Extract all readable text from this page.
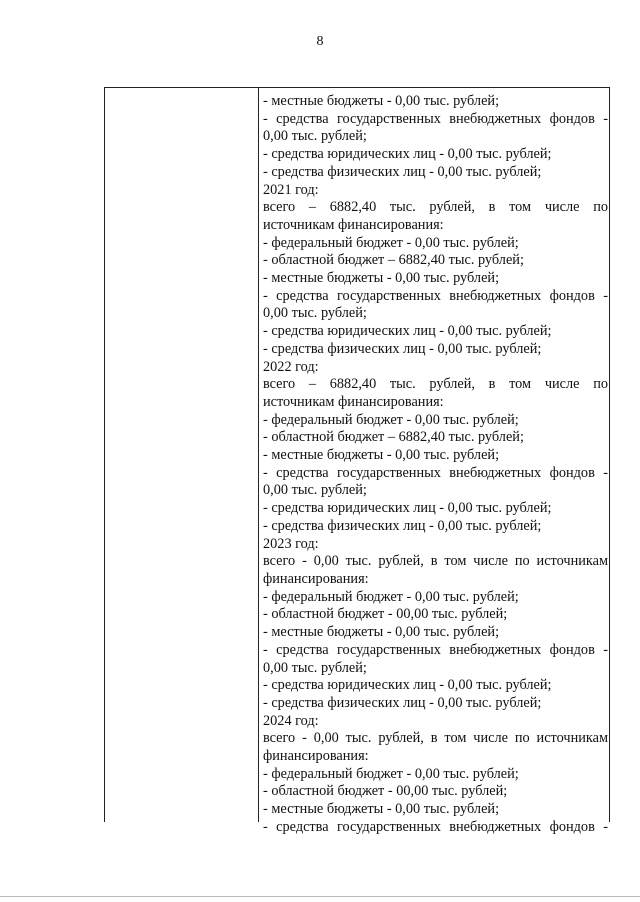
8
- местные бюджеты - 0,00 тыс. рублей;
- средства государственных внебюджетных фондов -
0,00 тыс. рублей;
- средства юридических лиц - 0,00 тыс. рублей;
- средства физических лиц - 0,00 тыс. рублей;
2021 год:
всего – 6882,40 тыс. рублей, в том числе по
источникам финансирования:
- федеральный бюджет - 0,00 тыс. рублей;
- областной бюджет – 6882,40 тыс. рублей;
- местные бюджеты - 0,00 тыс. рублей;
- средства государственных внебюджетных фондов -
0,00 тыс. рублей;
- средства юридических лиц - 0,00 тыс. рублей;
- средства физических лиц - 0,00 тыс. рублей;
2022 год:
всего – 6882,40 тыс. рублей, в том числе по
источникам финансирования:
- федеральный бюджет - 0,00 тыс. рублей;
- областной бюджет – 6882,40 тыс. рублей;
- местные бюджеты - 0,00 тыс. рублей;
- средства государственных внебюджетных фондов -
0,00 тыс. рублей;
- средства юридических лиц - 0,00 тыс. рублей;
- средства физических лиц - 0,00 тыс. рублей;
2023 год:
всего - 0,00 тыс. рублей, в том числе по источникам
финансирования:
- федеральный бюджет - 0,00 тыс. рублей;
- областной бюджет - 00,00 тыс. рублей;
- местные бюджеты - 0,00 тыс. рублей;
- средства государственных внебюджетных фондов -
0,00 тыс. рублей;
- средства юридических лиц - 0,00 тыс. рублей;
- средства физических лиц - 0,00 тыс. рублей;
2024 год:
всего - 0,00 тыс. рублей, в том числе по источникам
финансирования:
- федеральный бюджет - 0,00 тыс. рублей;
- областной бюджет - 00,00 тыс. рублей;
- местные бюджеты - 0,00 тыс. рублей;
- средства государственных внебюджетных фондов -
